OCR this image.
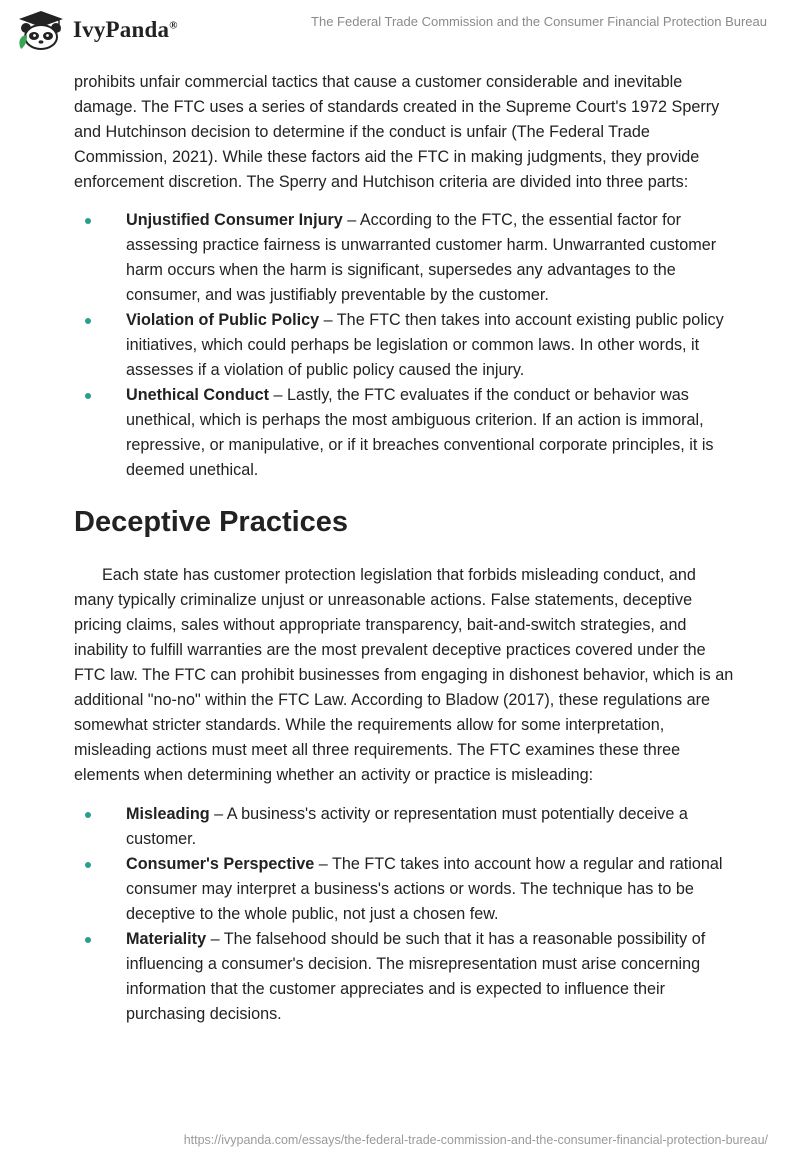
IvyPanda®	The Federal Trade Commission and the Consumer Financial Protection Bureau

prohibits unfair commercial tactics that cause a customer considerable and inevitable damage. The FTC uses a series of standards created in the Supreme Court's 1972 Sperry and Hutchinson decision to determine if the conduct is unfair (The Federal Trade Commission, 2021). While these factors aid the FTC in making judgments, they provide enforcement discretion. The Sperry and Hutchison criteria are divided into three parts:

Unjustified Consumer Injury – According to the FTC, the essential factor for assessing practice fairness is unwarranted customer harm. Unwarranted customer harm occurs when the harm is significant, supersedes any advantages to the consumer, and was justifiably preventable by the customer.
Violation of Public Policy – The FTC then takes into account existing public policy initiatives, which could perhaps be legislation or common laws. In other words, it assesses if a violation of public policy caused the injury.
Unethical Conduct – Lastly, the FTC evaluates if the conduct or behavior was unethical, which is perhaps the most ambiguous criterion. If an action is immoral, repressive, or manipulative, or if it breaches conventional corporate principles, it is deemed unethical.
Deceptive Practices

Each state has customer protection legislation that forbids misleading conduct, and many typically criminalize unjust or unreasonable actions. False statements, deceptive pricing claims, sales without appropriate transparency, bait-and-switch strategies, and inability to fulfill warranties are the most prevalent deceptive practices covered under the FTC law. The FTC can prohibit businesses from engaging in dishonest behavior, which is an additional "no-no" within the FTC Law. According to Bladow (2017), these regulations are somewhat stricter standards. While the requirements allow for some interpretation, misleading actions must meet all three requirements. The FTC examines these three elements when determining whether an activity or practice is misleading:

Misleading – A business's activity or representation must potentially deceive a customer.
Consumer's Perspective – The FTC takes into account how a regular and rational consumer may interpret a business's actions or words. The technique has to be deceptive to the whole public, not just a chosen few.
Materiality – The falsehood should be such that it has a reasonable possibility of influencing a consumer's decision. The misrepresentation must arise concerning information that the customer appreciates and is expected to influence their purchasing decisions.
https://ivypanda.com/essays/the-federal-trade-commission-and-the-consumer-financial-protection-bureau/
